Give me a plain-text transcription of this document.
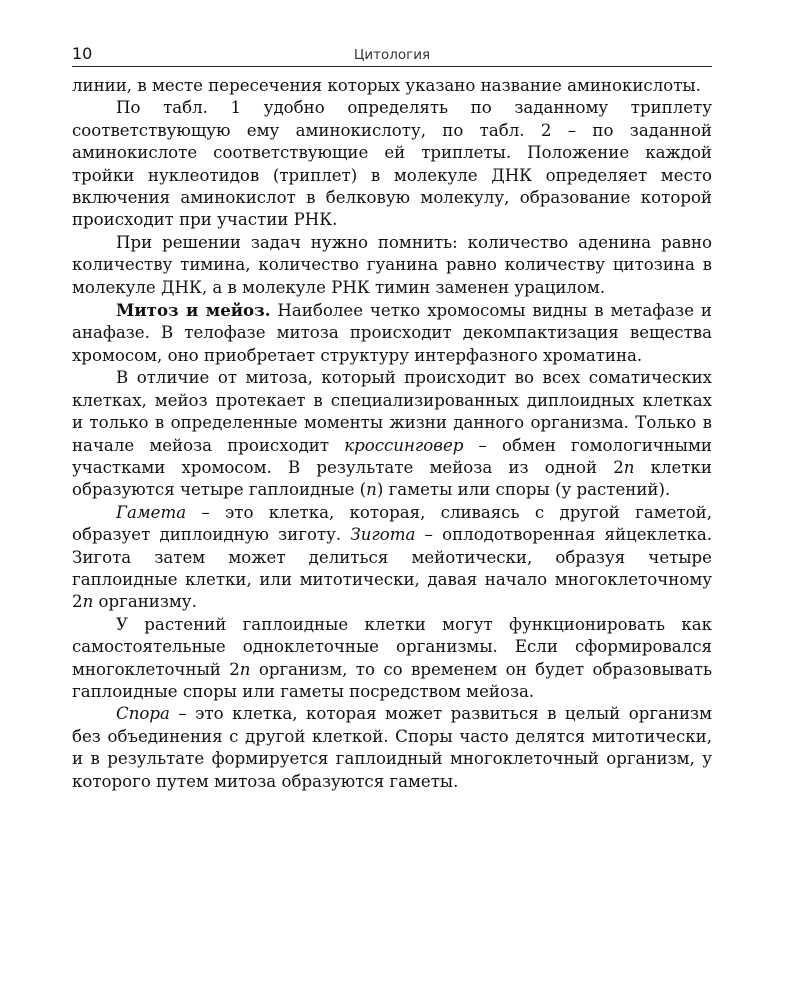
10	Цитология

линии, в месте пересечения которых указано название аминокислоты.

По табл. 1 удобно определять по заданному триплету соответствующую ему аминокислоту, по табл. 2 – по заданной аминокислоте соответствующие ей триплеты. Положение каждой тройки нуклеотидов (триплет) в молекуле ДНК определяет место включения аминокислот в белковую молекулу, образование которой происходит при участии РНК.

При решении задач нужно помнить: количество аденина равно количеству тимина, количество гуанина равно количеству цитозина в молекуле ДНК, а в молекуле РНК тимин заменен урацилом.

Митоз и мейоз. Наиболее четко хромосомы видны в метафазе и анафазе. В телофазе митоза происходит декомпактизация вещества хромосом, оно приобретает структуру интерфазного хроматина.

В отличие от митоза, который происходит во всех соматических клетках, мейоз протекает в специализированных диплоидных клетках и только в определенные моменты жизни данного организма. Только в начале мейоза происходит кроссинговер – обмен гомологичными участками хромосом. В результате мейоза из одной 2n клетки образуются четыре гаплоидные (n) гаметы или споры (у растений).

Гамета – это клетка, которая, сливаясь с другой гаметой, образует диплоидную зиготу. Зигота – оплодотворенная яйцеклетка. Зигота затем может делиться мейотически, образуя четыре гаплоидные клетки, или митотически, давая начало многоклеточному 2n организму.

У растений гаплоидные клетки могут функционировать как самостоятельные одноклеточные организмы. Если сформировался многоклеточный 2n организм, то со временем он будет образовывать гаплоидные споры или гаметы посредством мейоза.

Спора – это клетка, которая может развиться в целый организм без объединения с другой клеткой. Споры часто делятся митотически, и в результате формируется гаплоидный многоклеточный организм, у которого путем митоза образуются гаметы.
